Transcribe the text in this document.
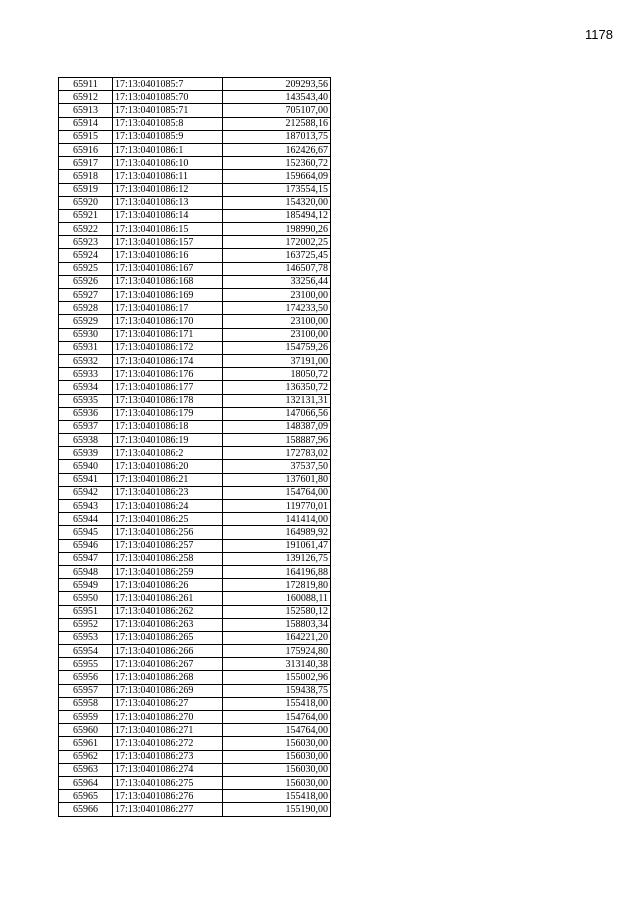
1178
65911	17:13:0401085:7	209293,56
65912	17:13:0401085:70	143543,40
65913	17:13:0401085:71	705107,00
65914	17:13:0401085:8	212588,16
65915	17:13:0401085:9	187013,75
65916	17:13:0401086:1	162426,67
65917	17:13:0401086:10	152360,72
65918	17:13:0401086:11	159664,09
65919	17:13:0401086:12	173554,15
65920	17:13:0401086:13	154320,00
65921	17:13:0401086:14	185494,12
65922	17:13:0401086:15	198990,26
65923	17:13:0401086:157	172002,25
65924	17:13:0401086:16	163725,45
65925	17:13:0401086:167	146507,78
65926	17:13:0401086:168	33256,44
65927	17:13:0401086:169	23100,00
65928	17:13:0401086:17	174233,50
65929	17:13:0401086:170	23100,00
65930	17:13:0401086:171	23100,00
65931	17:13:0401086:172	154759,26
65932	17:13:0401086:174	37191,00
65933	17:13:0401086:176	18050,72
65934	17:13:0401086:177	136350,72
65935	17:13:0401086:178	132131,31
65936	17:13:0401086:179	147066,56
65937	17:13:0401086:18	148387,09
65938	17:13:0401086:19	158887,96
65939	17:13:0401086:2	172783,02
65940	17:13:0401086:20	37537,50
65941	17:13:0401086:21	137601,80
65942	17:13:0401086:23	154764,00
65943	17:13:0401086:24	119770,01
65944	17:13:0401086:25	141414,00
65945	17:13:0401086:256	164989,92
65946	17:13:0401086:257	191061,47
65947	17:13:0401086:258	139126,75
65948	17:13:0401086:259	164196,88
65949	17:13:0401086:26	172819,80
65950	17:13:0401086:261	160088,11
65951	17:13:0401086:262	152580,12
65952	17:13:0401086:263	158803,34
65953	17:13:0401086:265	164221,20
65954	17:13:0401086:266	175924,80
65955	17:13:0401086:267	313140,38
65956	17:13:0401086:268	155002,96
65957	17:13:0401086:269	159438,75
65958	17:13:0401086:27	155418,00
65959	17:13:0401086:270	154764,00
65960	17:13:0401086:271	154764,00
65961	17:13:0401086:272	156030,00
65962	17:13:0401086:273	156030,00
65963	17:13:0401086:274	156030,00
65964	17:13:0401086:275	156030,00
65965	17:13:0401086:276	155418,00
65966	17:13:0401086:277	155190,00
